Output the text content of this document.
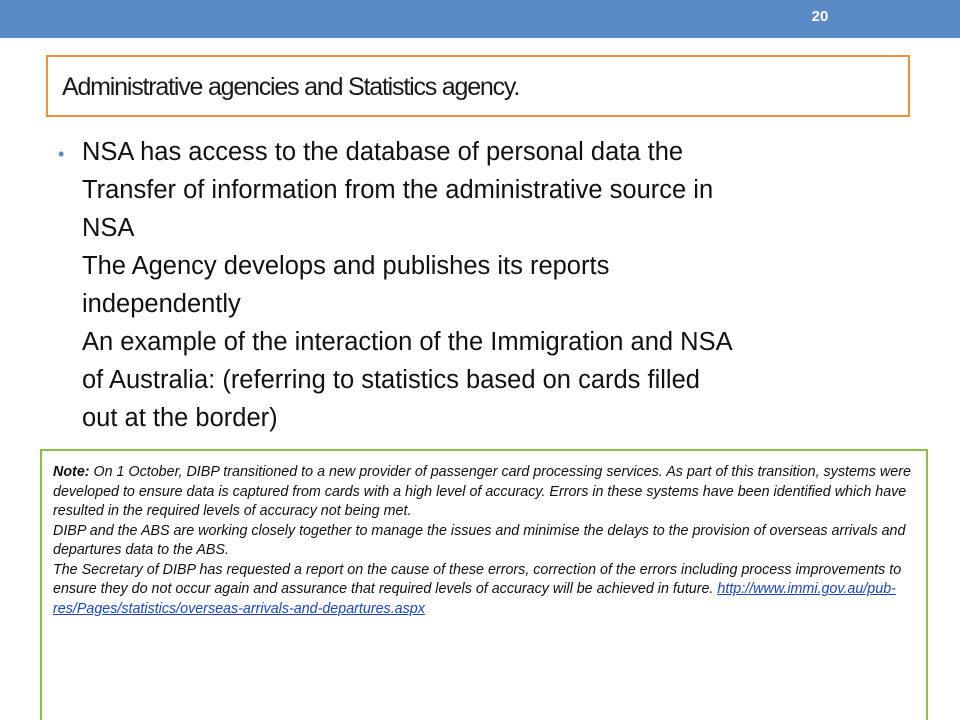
20
Administrative agencies and Statistics agency.
• NSA has access to the database of personal data the
Transfer of information from the administrative source in
NSA
The Agency develops and publishes its reports
independently
An example of the interaction of the Immigration and NSA
of Australia: (referring to statistics based on cards filled
out at the border)

Note: On 1 October, DIBP transitioned to a new provider of passenger card processing services. As part of this transition, systems were developed to ensure data is captured from cards with a high level of accuracy. Errors in these systems have been identified which have resulted in the required levels of accuracy not being met.

DIBP and the ABS are working closely together to manage the issues and minimise the delays to the provision of overseas arrivals and departures data to the ABS.

The Secretary of DIBP has requested a report on the cause of these errors, correction of the errors including process improvements to ensure they do not occur again and assurance that required levels of accuracy will be achieved in future. http://www.immi.gov.au/pub-res/Pages/statistics/overseas-arrivals-and-departures.aspx
